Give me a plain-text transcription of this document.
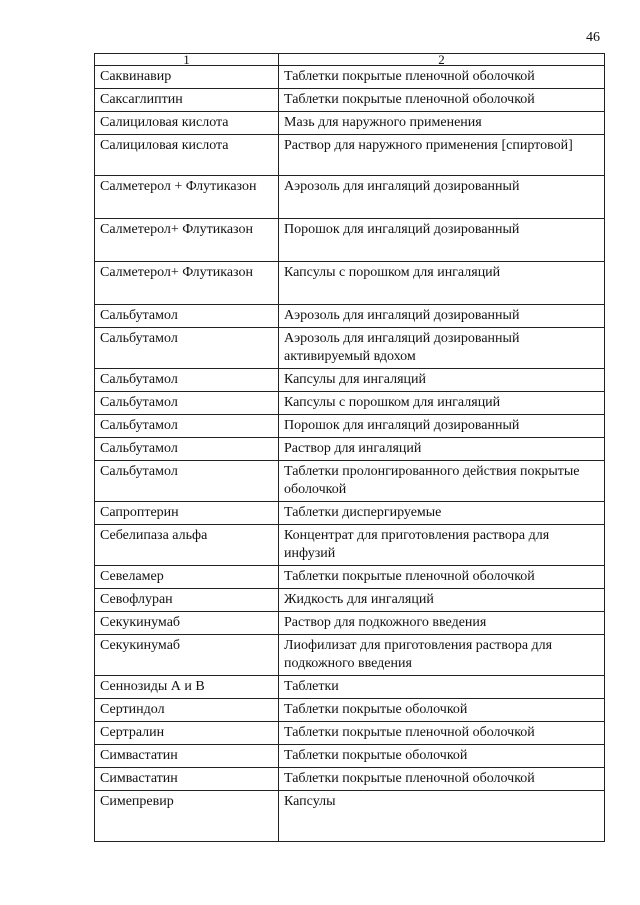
46
1	2
Саквинавир	Таблетки покрытые пленочной оболочкой
Саксаглиптин	Таблетки покрытые пленочной оболочкой
Салициловая кислота	Мазь для наружного применения
Салициловая кислота	Раствор для наружного применения [спиртовой]
Салметерол + Флутиказон	Аэрозоль для ингаляций дозированный
Салметерол+ Флутиказон	Порошок для ингаляций дозированный
Салметерол+ Флутиказон	Капсулы с порошком для ингаляций
Сальбутамол	Аэрозоль для ингаляций дозированный
Сальбутамол	Аэрозоль для ингаляций дозированный активируемый вдохом
Сальбутамол	Капсулы для ингаляций
Сальбутамол	Капсулы с порошком для ингаляций
Сальбутамол	Порошок для ингаляций дозированный
Сальбутамол	Раствор для ингаляций
Сальбутамол	Таблетки пролонгированного действия покрытые оболочкой
Сапроптерин	Таблетки диспергируемые
Себелипаза альфа	Концентрат для приготовления раствора для инфузий
Севеламер	Таблетки покрытые пленочной оболочкой
Севофлуран	Жидкость для ингаляций
Секукинумаб	Раствор для подкожного введения
Секукинумаб	Лиофилизат для приготовления раствора для подкожного введения
Сеннозиды А и В	Таблетки
Сертиндол	Таблетки покрытые оболочкой
Сертралин	Таблетки покрытые пленочной оболочкой
Симвастатин	Таблетки покрытые оболочкой
Симвастатин	Таблетки покрытые пленочной оболочкой
Симепревир	Капсулы
